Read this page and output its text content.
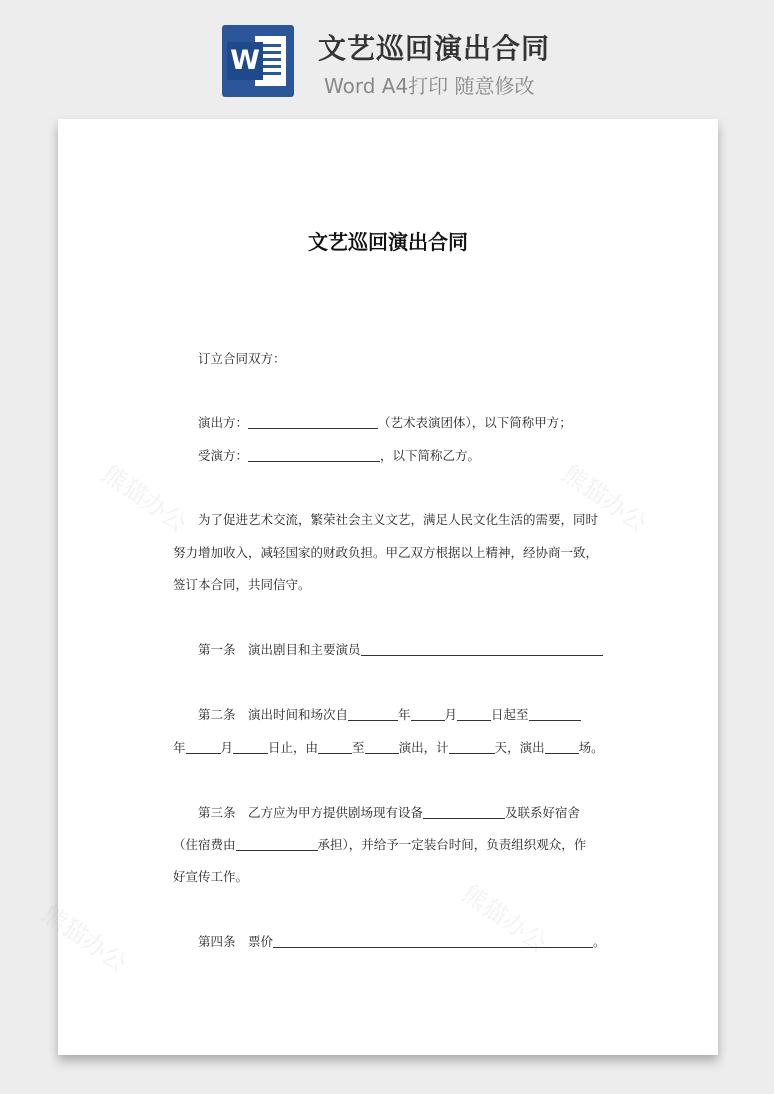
W 文艺巡回演出合同
Word A4打印 随意修改
熊猫办公	熊猫办公
熊猫办公	熊猫办公
文艺巡回演出合同
订立合同双方：
演出方：	（艺术表演团体），以下简称甲方；
受演方：	，以下简称乙方。
为了促进艺术交流，繁荣社会主义文艺，满足人民文化生活的需要，同时
努力增加收入，减轻国家的财政负担。甲乙双方根据以上精神，经协商一致，
签订本合同，共同信守。
第一条　演出剧目和主要演员
第二条　演出时间和场次自	年	月	日起至
年	月	日止，由	至	演出，计	天，演出	场。
第三条　乙方应为甲方提供剧场现有设备	及联系好宿舍
（住宿费由	承担），并给予一定装台时间，负责组织观众，作
好宣传工作。
第四条　票价	。
